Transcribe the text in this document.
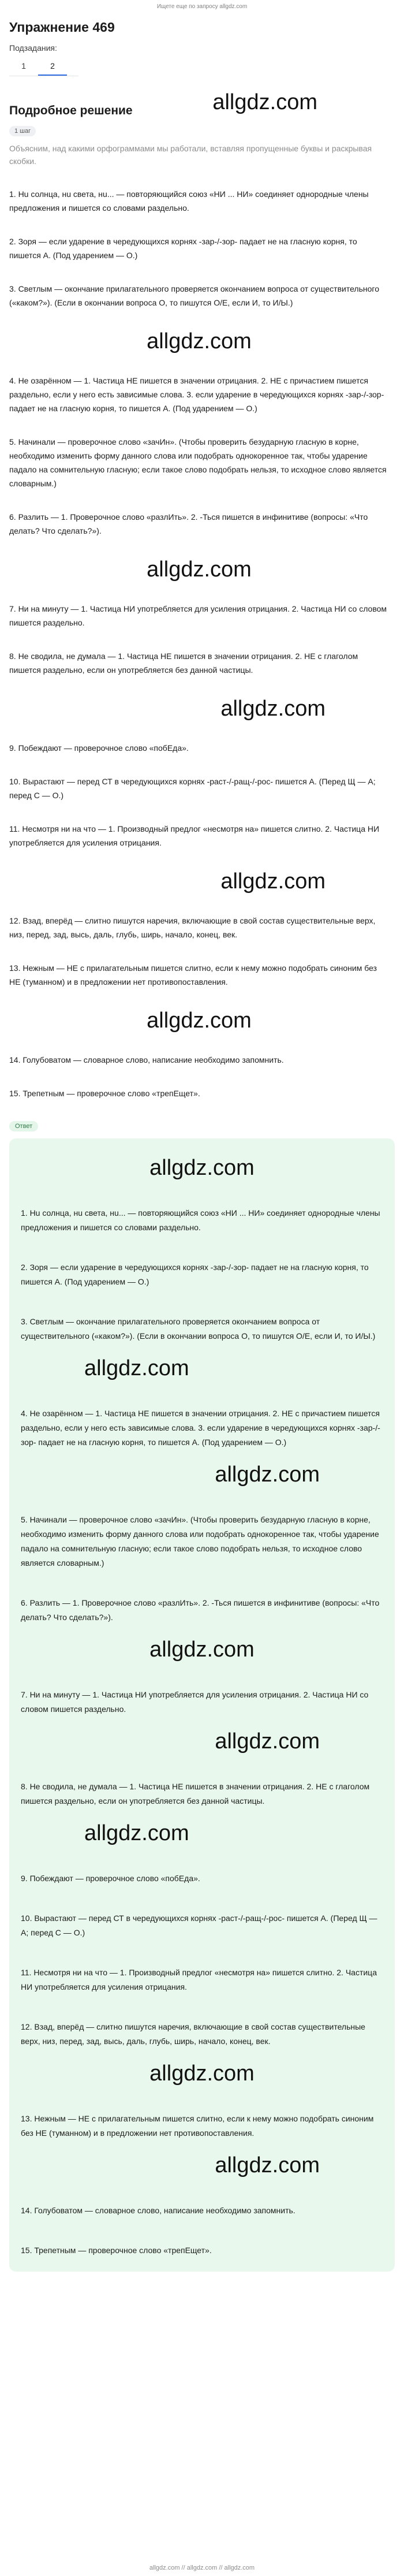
Ищете еще по запросу allgdz.com
Упражнение 469
Подзадания:
1	2
Подробное решение	allgdz.com
1 шаг
Объясним, над какими орфограммами мы работали, вставляя пропущенные буквы и раскрывая скобки.
1. Нu солнца, нu света, нu... — повторяющийся союз «НИ ... НИ» соединяет однородные члены предложения и пишется со словами раздельно.
2. Зoря — если ударение в чередующихся корнях -зар-/-зор- падает не на гласную корня, то пишется А. (Под ударением — О.)
3. Светлым — окончание прилагательного проверяется окончанием вопроса от существительного («каком?»). (Если в окончании вопроса О, то пишутся О/Е, если И, то И/Ы.)
allgdz.com
4. Не озарённом — 1. Частица НЕ пишется в значении отрицания. 2. НЕ с причастием пишется раздельно, если у него есть зависимые слова. 3. если ударение в чередующихся корнях -зар-/-зор- падает не на гласную корня, то пишется А. (Под ударением — О.)
5. Начинали — проверочное слово «зачИн». (Чтобы проверить безударную гласную в корне, необходимо изменить форму данного слова или подобрать однокоренное так, чтобы ударение падало на сомнительную гласную; если такое слово подобрать нельзя, то исходное слово является словарным.)
6. Разлить — 1. Проверочное слово «разлИть». 2. -Ться пишется в инфинитиве (вопросы: «Что делать? Что сделать?»).
allgdz.com
7. Ни на минуту — 1. Частица НИ употребляется для усиления отрицания. 2. Частица НИ со словом пишется раздельно.
8. Не сводила, не думала — 1. Частица НЕ пишется в значении отрицания. 2. НЕ с глаголом пишется раздельно, если он употребляется без данной частицы.
allgdz.com
9. Побеждают — проверочное слово «побЕда».
10. Вырастают — перед СТ в чередующихся корнях -раст-/-ращ-/-рос- пишется А. (Перед Щ — А; перед С — О.)
11. Несмотря ни на что — 1. Производный предлог «несмотря на» пишется слитно. 2. Частица НИ употребляется для усиления отрицания.
allgdz.com
12. Взад, вперёд — слитно пишутся наречия, включающие в свой состав существительные верх, низ, перед, зад, высь, даль, глубь, ширь, начало, конец, век.
13. Нежным — НЕ с прилагательным пишется слитно, если к нему можно подобрать синоним без НЕ (туманном) и в предложении нет противопоставления.
allgdz.com
14. Голубоватом — словарное слово, написание необходимо запомнить.
15. Трепетным — проверочное слово «трепЕщет».
Ответ
allgdz.com
1. Нu солнца, нu света, нu... — повторяющийся союз «НИ ... НИ» соединяет однородные члены предложения и пишется со словами раздельно.
2. Зoря — если ударение в чередующихся корнях -зар-/-зор- падает не на гласную корня, то пишется А. (Под ударением — О.)
3. Светлым — окончание прилагательного проверяется окончанием вопроса от существительного («каком?»). (Если в окончании вопроса О, то пишутся О/Е, если И, то И/Ы.)
allgdz.com
4. Не озарённом — 1. Частица НЕ пишется в значении отрицания. 2. НЕ с причастием пишется раздельно, если у него есть зависимые слова. 3. если ударение в чередующихся корнях -зар-/-зор- падает не на гласную корня, то пишется А. (Под ударением — О.)
allgdz.com
5. Начинали — проверочное слово «зачИн». (Чтобы проверить безударную гласную в корне, необходимо изменить форму данного слова или подобрать однокоренное так, чтобы ударение падало на сомнительную гласную; если такое слово подобрать нельзя, то исходное слово является словарным.)
6. Разлить — 1. Проверочное слово «разлИть». 2. -Ться пишется в инфинитиве (вопросы: «Что делать? Что сделать?»).
allgdz.com
7. Ни на минуту — 1. Частица НИ употребляется для усиления отрицания. 2. Частица НИ со словом пишется раздельно.
allgdz.com
8. Не сводила, не думала — 1. Частица НЕ пишется в значении отрицания. 2. НЕ с глаголом пишется раздельно, если он употребляется без данной частицы.
allgdz.com
9. Побеждают — проверочное слово «побЕда».
10. Вырастают — перед СТ в чередующихся корнях -раст-/-ращ-/-рос- пишется А. (Перед Щ — А; перед С — О.)
11. Несмотря ни на что — 1. Производный предлог «несмотря на» пишется слитно. 2. Частица НИ употребляется для усиления отрицания.
12. Взад, вперёд — слитно пишутся наречия, включающие в свой состав существительные верх, низ, перед, зад, высь, даль, глубь, ширь, начало, конец, век.
allgdz.com
13. Нежным — НЕ с прилагательным пишется слитно, если к нему можно подобрать синоним без НЕ (туманном) и в предложении нет противопоставления.
allgdz.com
14. Голубоватом — словарное слово, написание необходимо запомнить.
15. Трепетным — проверочное слово «трепЕщет».
allgdz.com // allgdz.com // allgdz.com
